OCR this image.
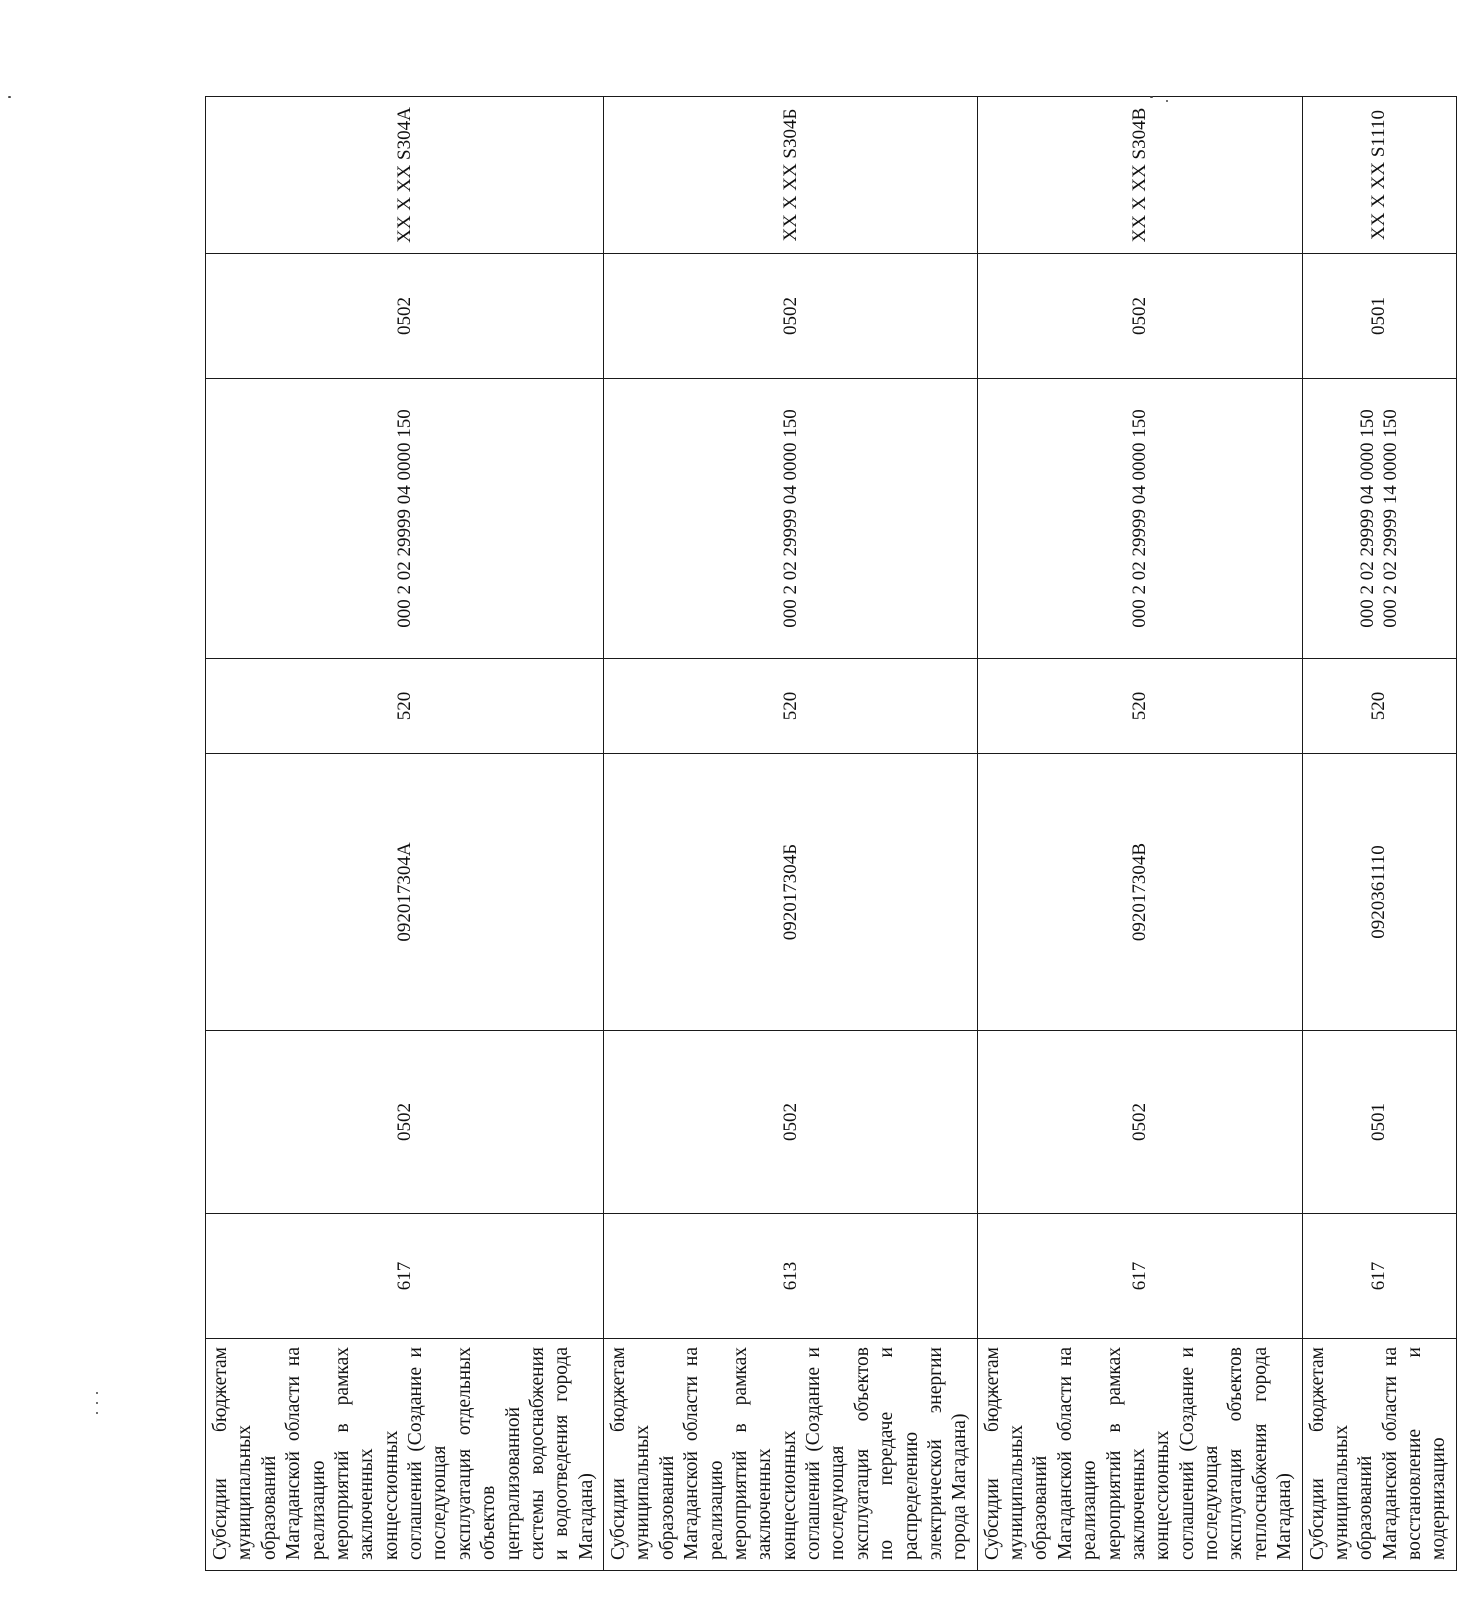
Субсидии бюджетам муниципальных образований Магаданской области на реализацию мероприятий в рамках заключенных концессионных соглашений (Создание и последующая эксплуатация отдельных объектов централизованной системы водоснабжения и водоотведения города Магадана)	617	0502	092017304А	520	000 2 02 29999 04 0000 150	0502	XX X XX S304А
Субсидии бюджетам муниципальных образований Магаданской области на реализацию мероприятий в рамках заключенных концессионных соглашений (Создание и последующая эксплуатация объектов по передаче и распределению электрической энергии города Магадана)	613	0502	092017304Б	520	000 2 02 29999 04 0000 150	0502	XX X XX S304Б
Субсидии бюджетам муниципальных образований Магаданской области на реализацию мероприятий в рамках заключенных концессионных соглашений (Создание и последующая эксплуатация объектов теплоснабжения города Магадана)	617	0502	092017304В	520	000 2 02 29999 04 0000 150	0502	XX X XX S304В
Субсидии бюджетам муниципальных образований Магаданской области на восстановление и модернизацию	617	0501	0920361110	520	000 2 02 29999 04 0000 150 000 2 02 29999 14 0000 150	0501	XX X XX S1110
